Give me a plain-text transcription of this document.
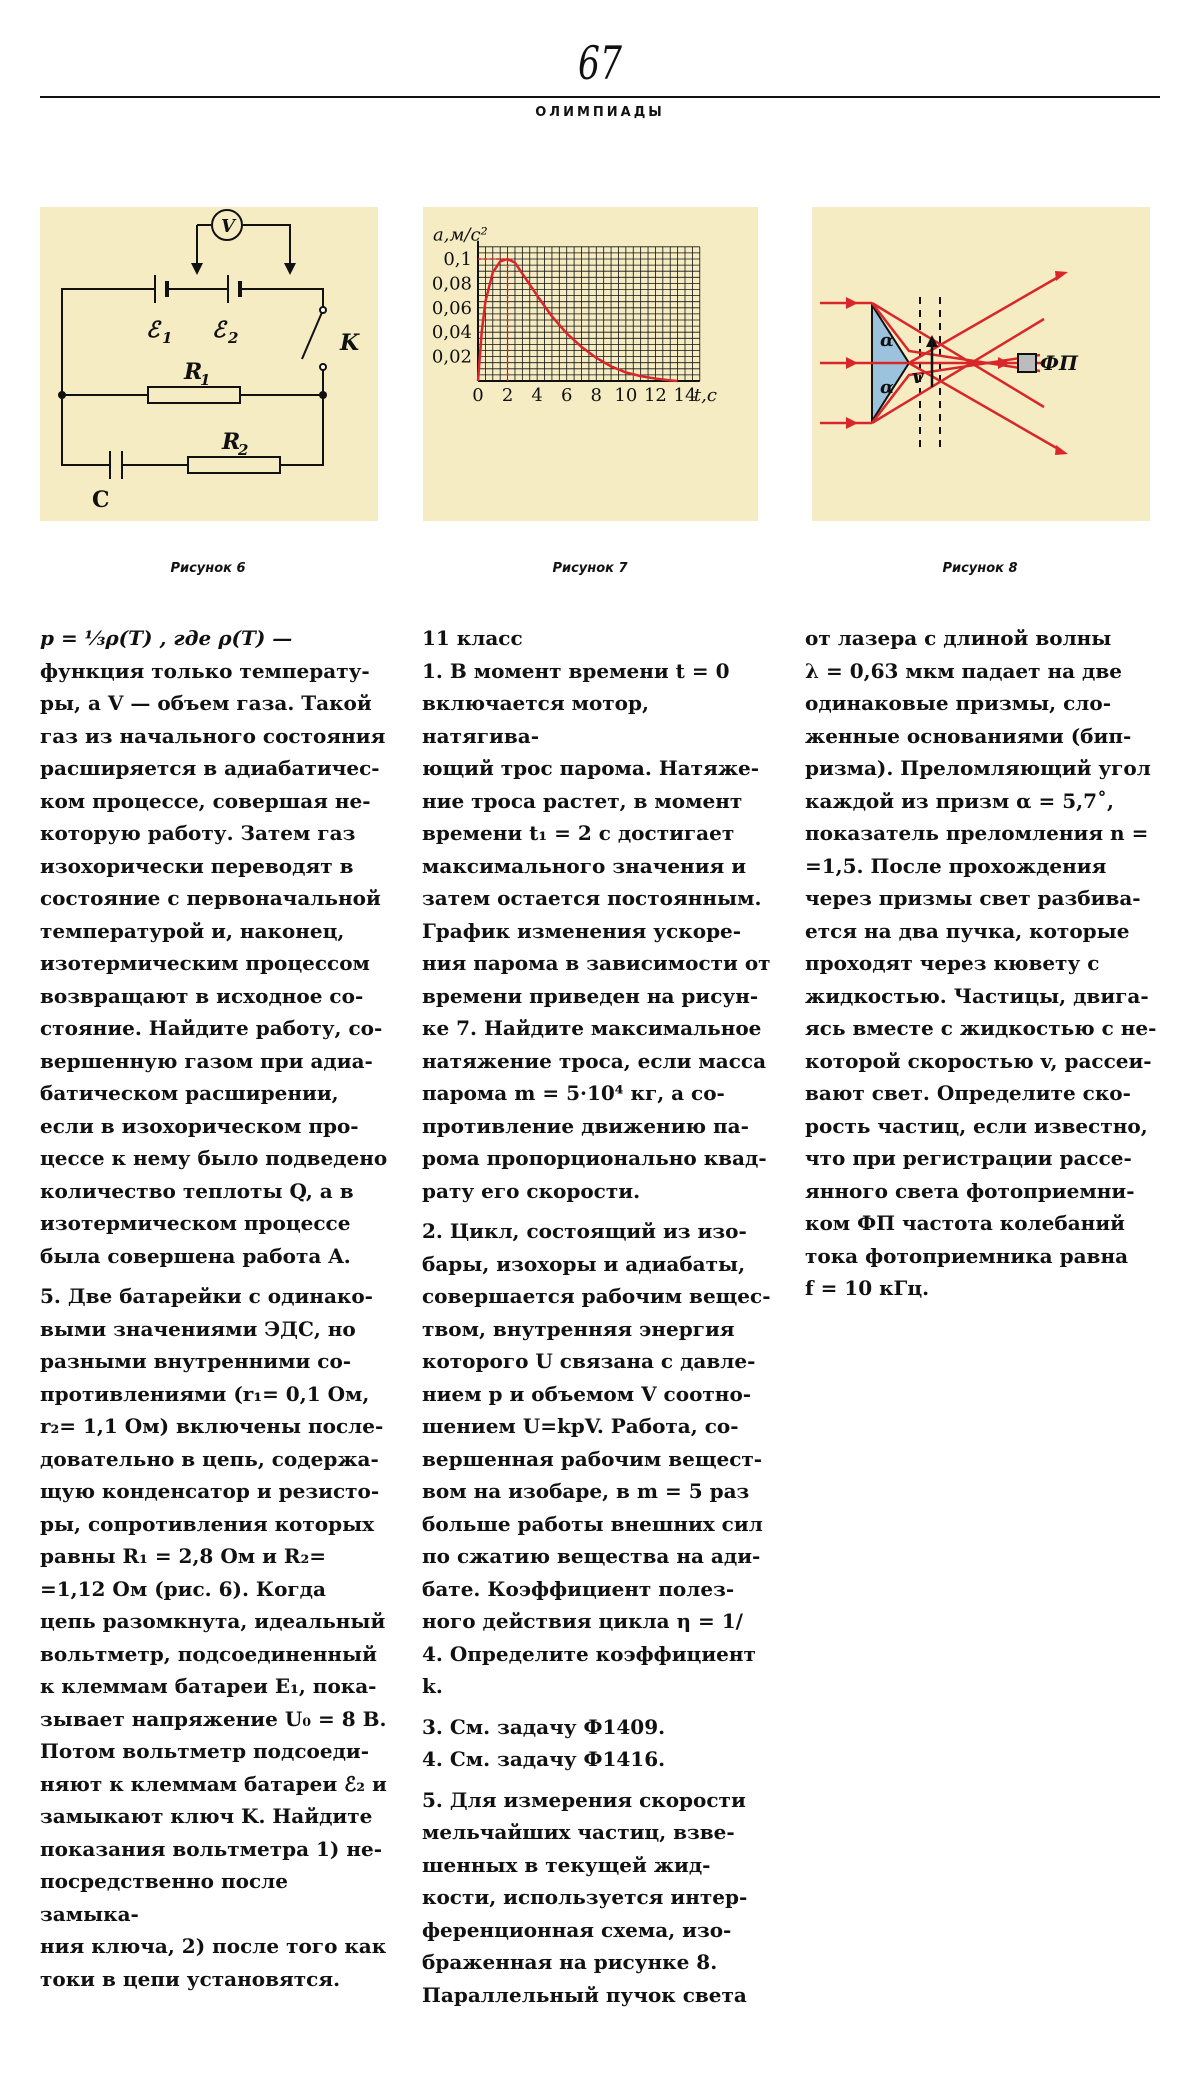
67
ОЛИМПИАДЫ
V
ℰ 1 ℰ 2	K
R
1
R
2
C
0 2 4 6 8 10 12 14
0,02
0,04
0,06
0,08
0,1
t,c
a,м/c²
α
α v
ФП
Рисунок 6	Рисунок 7	Рисунок 8

p = ⅓ρ(T) , где ρ(T) —

функция только температу-
ры, а V — объем газа. Такой
газ из начального состояния
расширяется в адиабатичес-
ком процессе, совершая не-
которую работу. Затем газ
изохорически переводят в
состояние с первоначальной
температурой и, наконец,
изотермическим процессом
возвращают в исходное со-
стояние. Найдите работу, со-
вершенную газом при адиа-
батическом расширении,
если в изохорическом про-
цессе к нему было подведено
количество теплоты Q, а в
изотермическом процессе
была совершена работа A.

5. Две батарейки с одинако-

выми значениями ЭДС, но
разными внутренними со-
противлениями (r₁= 0,1 Ом,
r₂= 1,1 Ом) включены после-
довательно в цепь, содержа-
щую конденсатор и резисто-
ры, сопротивления которых
равны R₁ = 2,8 Ом и R₂=
=1,12 Ом (рис. 6). Когда
цепь разомкнута, идеальный
вольтметр, подсоединенный
к клеммам батареи E₁, пока-
зывает напряжение U₀ = 8 В.
Потом вольтметр подсоеди-
няют к клеммам батареи ℰ₂ и
замыкают ключ K. Найдите
показания вольтметра 1) не-
посредственно после замыка-
ния ключа, 2) после того как
токи в цепи установятся.

11 класс

1. В момент времени t = 0

включается мотор, натягива-
ющий трос парома. Натяже-
ние троса растет, в момент
времени t₁ = 2 с достигает
максимального значения и
затем остается постоянным.
График изменения ускоре-
ния парома в зависимости от
времени приведен на рисун-
ке 7. Найдите максимальное
натяжение троса, если масса
парома m = 5·10⁴ кг, а со-
противление движению па-
рома пропорционально квад-
рату его скорости.

2. Цикл, состоящий из изо-

бары, изохоры и адиабаты,
совершается рабочим вещес-
твом, внутренняя энергия
которого U связана с давле-
нием p и объемом V соотно-
шением U=kpV. Работа, со-
вершенная рабочим вещест-
вом на изобаре, в m = 5 раз
больше работы внешних сил
по сжатию вещества на ади-
бате. Коэффициент полез-
ного действия цикла η = 1/
4. Определите коэффициент
k.

3. См. задачу Ф1409.

4. См. задачу Ф1416.

5. Для измерения скорости

мельчайших частиц, взве-
шенных в текущей жид-
кости, используется интер-
ференционная схема, изо-
браженная на рисунке 8.
Параллельный пучок света
от лазера с длиной волны
λ = 0,63 мкм падает на две
одинаковые призмы, сло-
женные основаниями (бип-
ризма). Преломляющий угол
каждой из призм α = 5,7˚,
показатель преломления n =
=1,5. После прохождения
через призмы свет разбива-
ется на два пучка, которые
проходят через кювету с
жидкостью. Частицы, двига-
ясь вместе с жидкостью с не-
которой скоростью v, рассеи-
вают свет. Определите ско-
рость частиц, если известно,
что при регистрации рассе-
янного света фотоприемни-
ком ФП частота колебаний
тока фотоприемника равна
f = 10 кГц.
